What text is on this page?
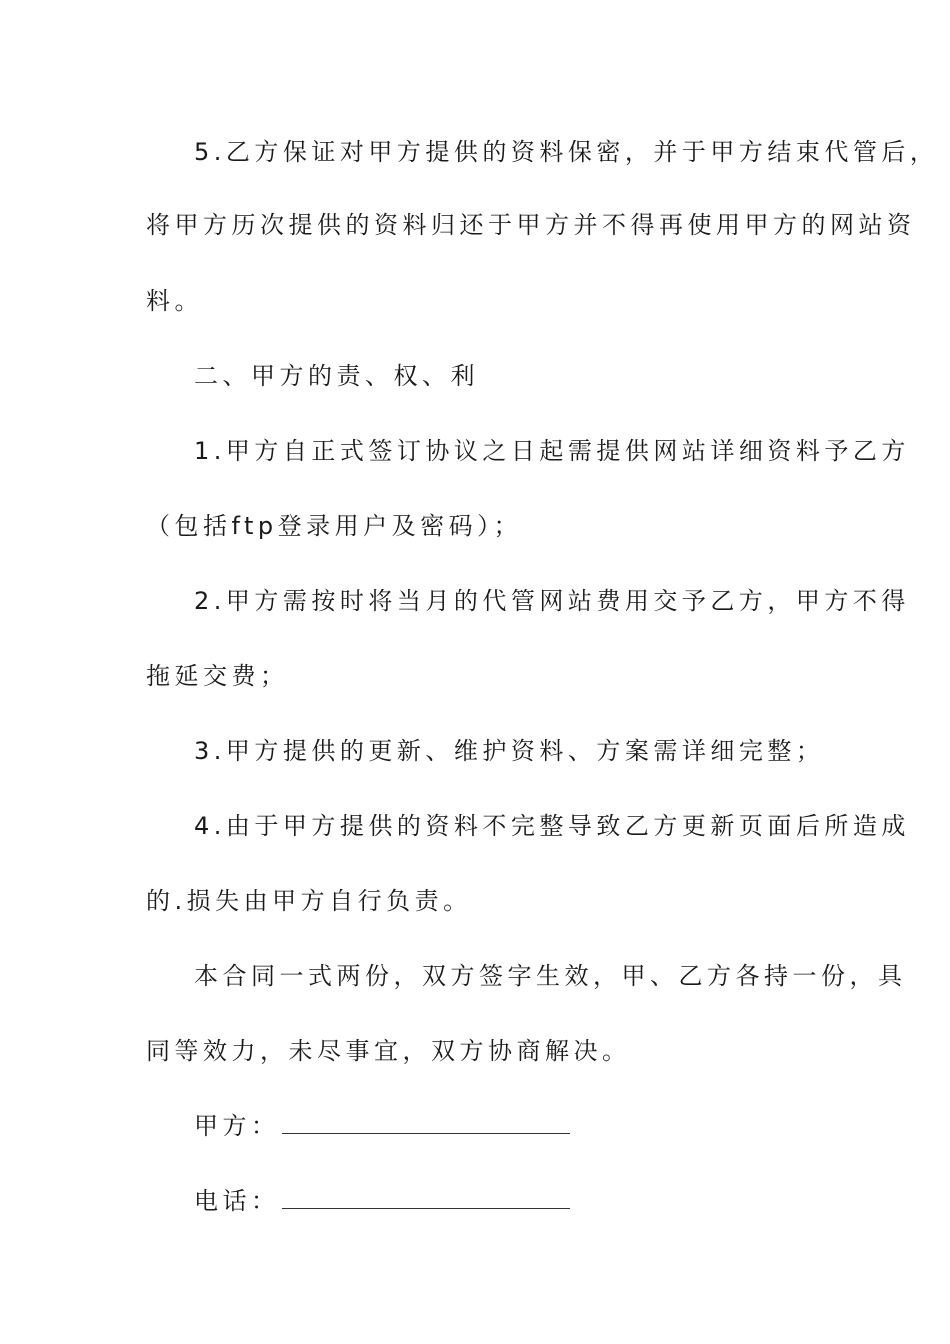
5.乙方保证对甲方提供的资料保密，并于甲方结束代管后，
将甲方历次提供的资料归还于甲方并不得再使用甲方的网站资
料。
二、甲方的责、权、利
1.甲方自正式签订协议之日起需提供网站详细资料予乙方
（包括ftp登录用户及密码）；
2.甲方需按时将当月的代管网站费用交予乙方，甲方不得
拖延交费；
3.甲方提供的更新、维护资料、方案需详细完整；
4.由于甲方提供的资料不完整导致乙方更新页面后所造成
的.损失由甲方自行负责。
本合同一式两份，双方签字生效，甲、乙方各持一份，具
同等效力，未尽事宜，双方协商解决。
甲方：
电话：
